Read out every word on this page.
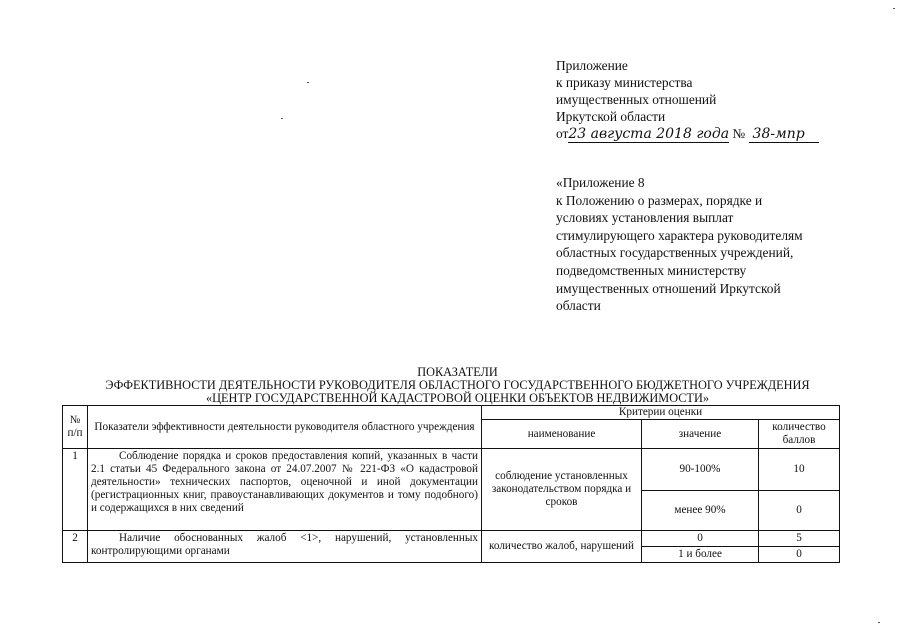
Приложение
к приказу министерства
имущественных отношений
Иркутской области
от23 августа 2018 года № 38-мпр
«Приложение 8
к Положению о размерах, порядке и
условиях установления выплат
стимулирующего характера руководителям
областных государственных учреждений,
подведомственных министерству
имущественных отношений Иркутской
области
ПОКАЗАТЕЛИ
ЭФФЕКТИВНОСТИ ДЕЯТЕЛЬНОСТИ РУКОВОДИТЕЛЯ ОБЛАСТНОГО ГОСУДАРСТВЕННОГО БЮДЖЕТНОГО УЧРЕЖДЕНИЯ
«ЦЕНТР ГОСУДАРСТВЕННОЙ КАДАСТРОВОЙ ОЦЕНКИ ОБЪЕКТОВ НЕДВИЖИМОСТИ»
№ п/п	Показатели эффективности деятельности руководителя областного учреждения	Критерии оценки		
		наименование	значение	количество баллов
1	Соблюдение порядка и сроков предоставления копий, указанных в части 2.1 статьи 45 Федерального закона от 24.07.2007 № 221-ФЗ «О кадастровой деятельности» технических паспортов, оценочной и иной документации (регистрационных книг, правоустанавливающих документов и тому подобного) и содержащихся в них сведений	соблюдение установленных законодательством порядка и сроков	90-100%	10
			менее 90%	0
2	Наличие обоснованных жалоб <1>, нарушений, установленных контролирующими органами	количество жалоб, нарушений	0	5
			1 и более	0
